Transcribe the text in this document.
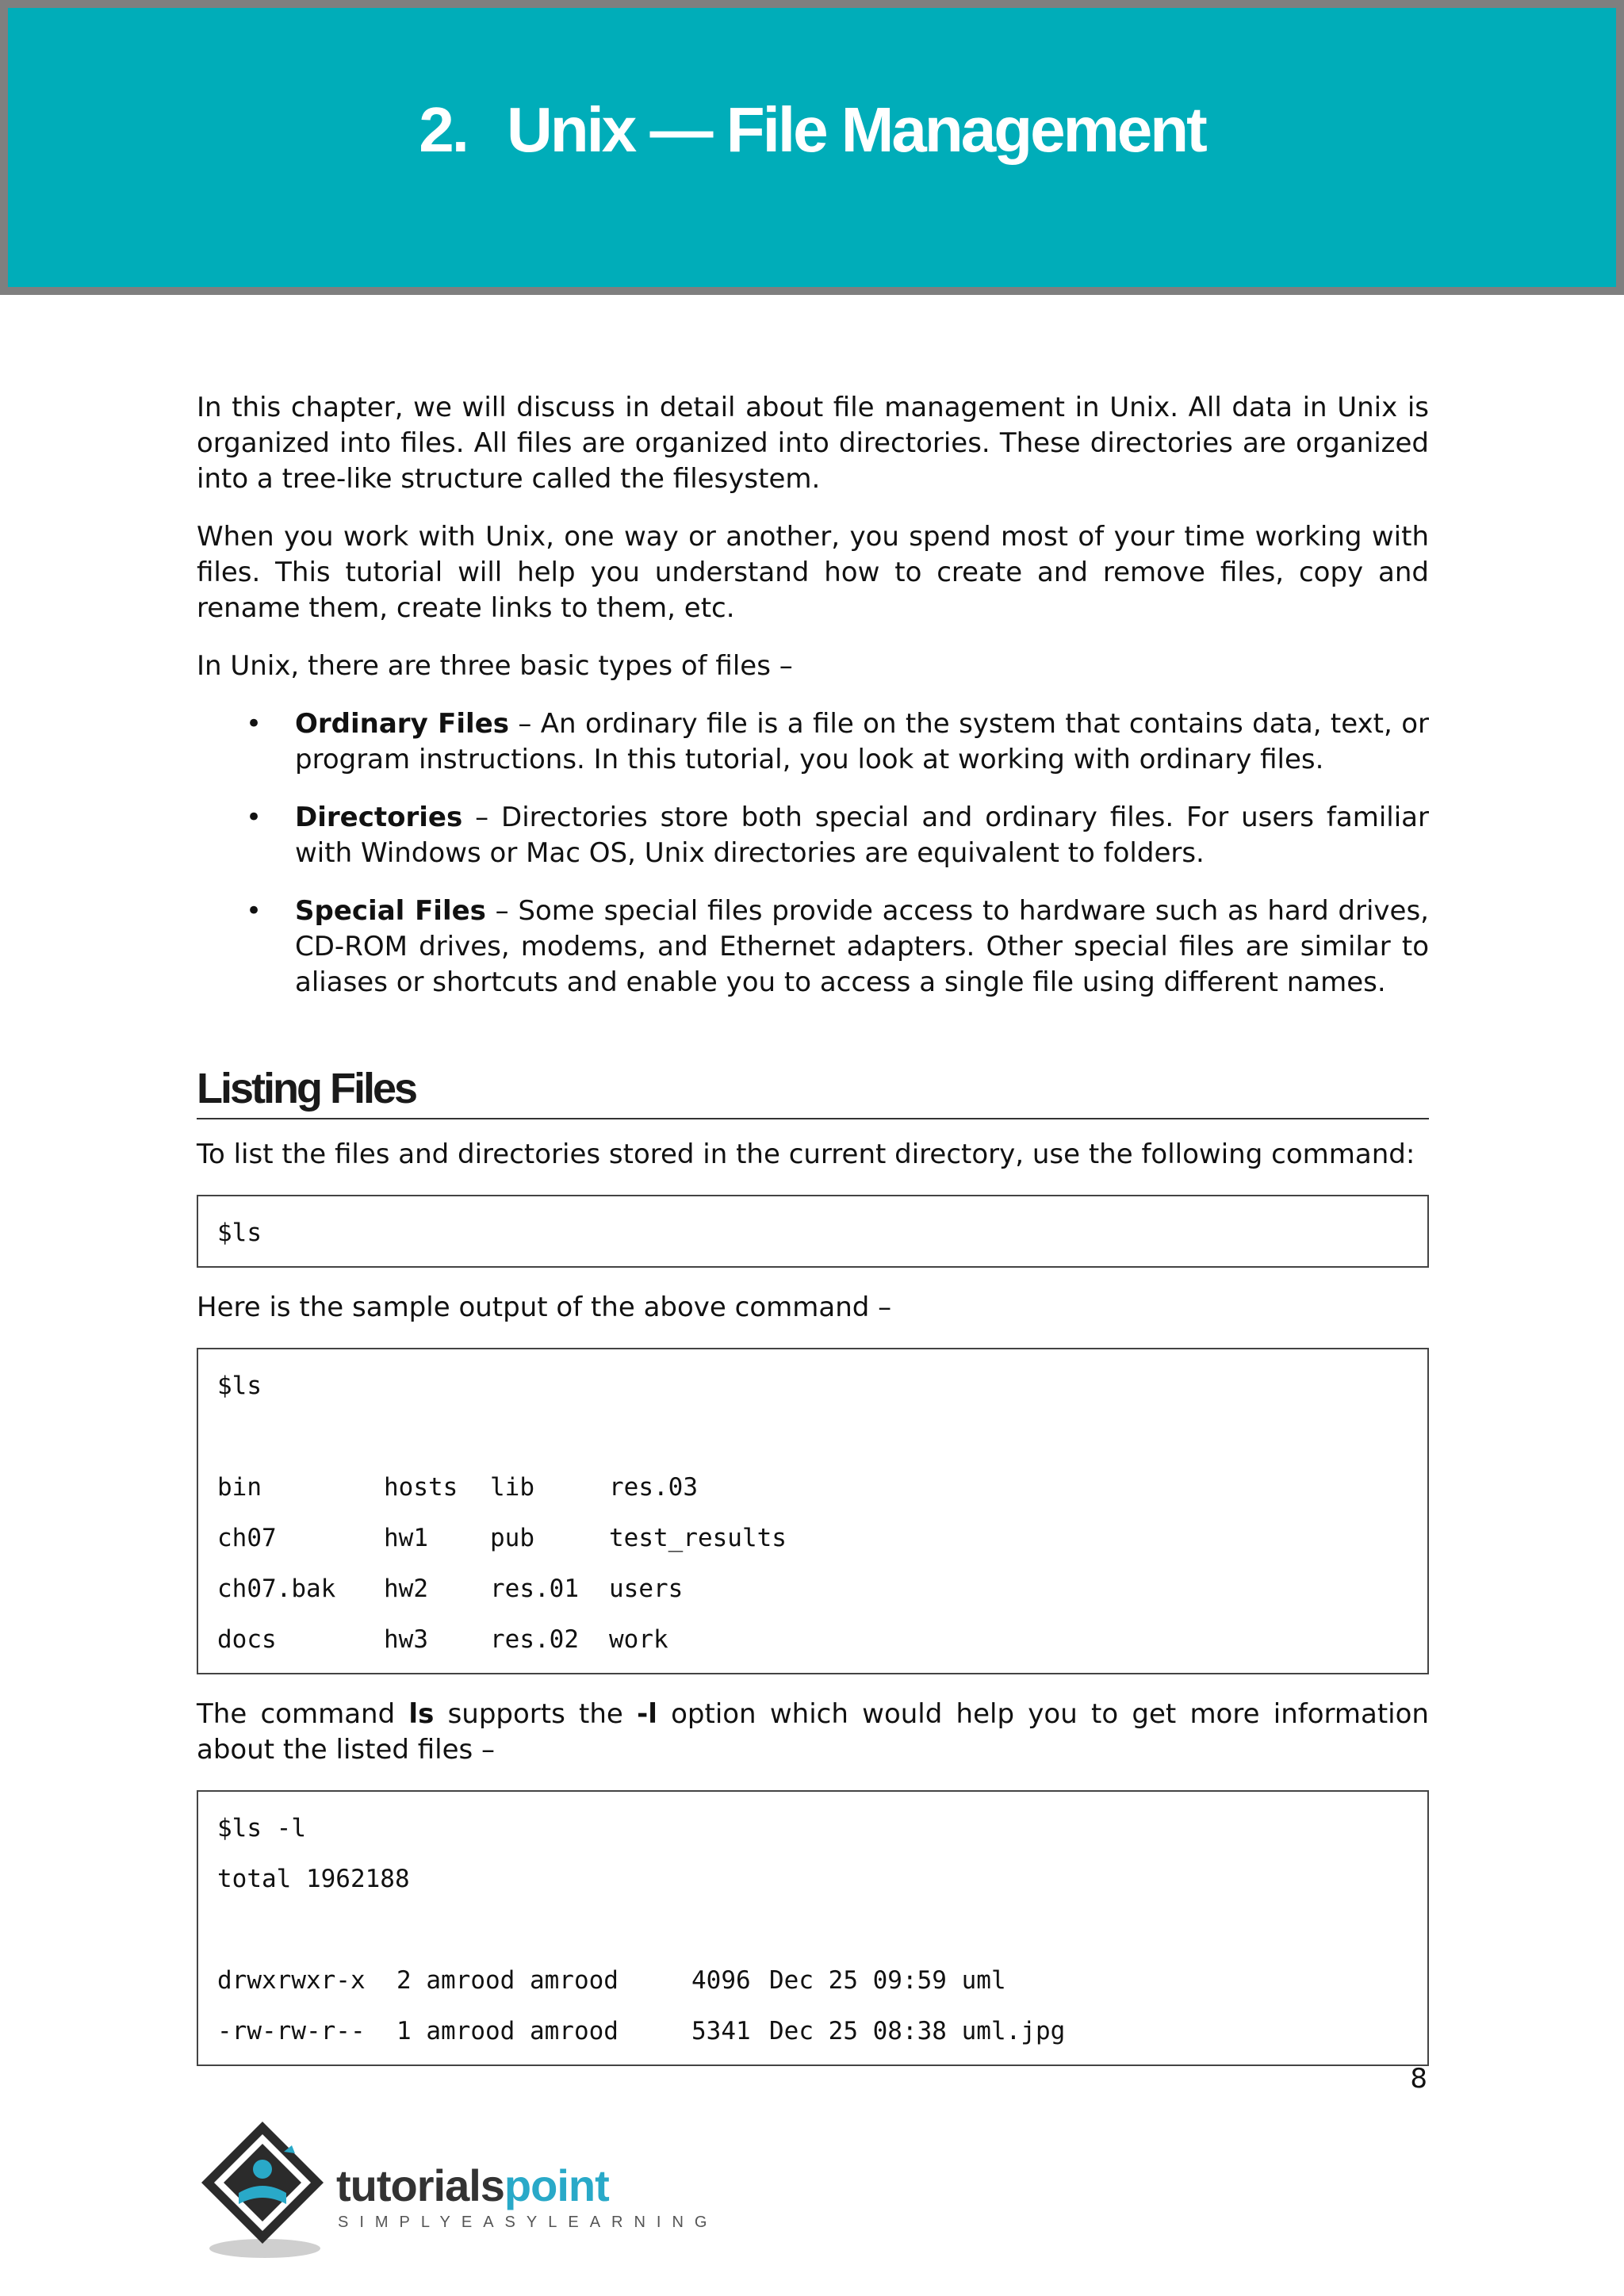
2. Unix — File Management

In this chapter, we will discuss in detail about file management in Unix. All data in Unix is organized into files. All files are organized into directories. These directories are organized into a tree-like structure called the filesystem.

When you work with Unix, one way or another, you spend most of your time working with files. This tutorial will help you understand how to create and remove files, copy and rename them, create links to them, etc.

In Unix, there are three basic types of files –

• Ordinary Files – An ordinary file is a file on the system that contains data, text, or program instructions. In this tutorial, you look at working with ordinary files.
• Directories – Directories store both special and ordinary files. For users familiar with Windows or Mac OS, Unix directories are equivalent to folders.
• Special Files – Some special files provide access to hardware such as hard drives, CD-ROM drives, modems, and Ethernet adapters. Other special files are similar to aliases or shortcuts and enable you to access a single file using different names.
Listing Files

To list the files and directories stored in the current directory, use the following command:

$ls

Here is the sample output of the above command –

$ls
bin	hosts	lib	res.03
ch07	hw1	pub	test_results
ch07.bak	hw2	res.01	users
docs	hw3	res.02	work

The command ls supports the -l option which would help you to get more information about the listed files –

$ls -l
total 1962188
drwxrwxr-x	2 amrood amrood	4096	Dec 25 09:59 uml
-rw-rw-r--	1 amrood amrood	5341	Dec 25 08:38 uml.jpg
8
tutorialspoint
SIMPLYEASYLEARNING
